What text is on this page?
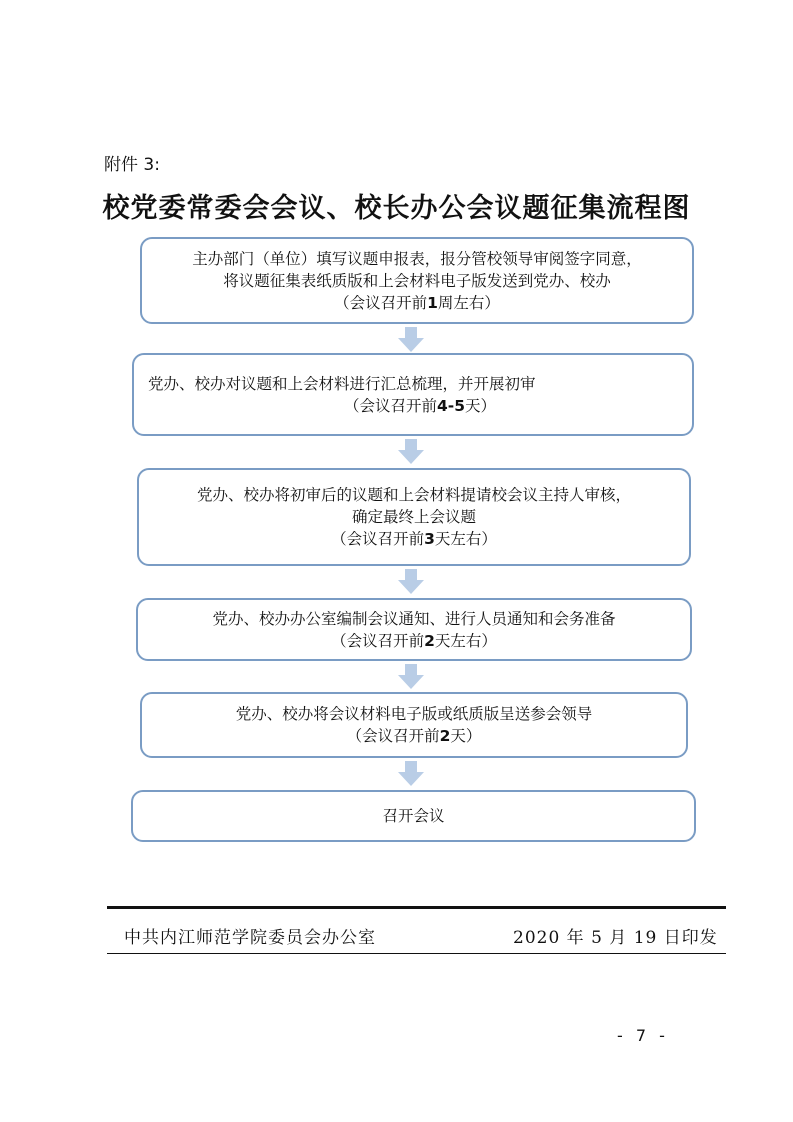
附件 3:
校党委常委会会议、校长办公会议题征集流程图
主办部门（单位）填写议题申报表，报分管校领导审阅签字同意，
将议题征集表纸质版和上会材料电子版发送到党办、校办
（会议召开前1周左右）
党办、校办对议题和上会材料进行汇总梳理，并开展初审
（会议召开前4-5天）
党办、校办将初审后的议题和上会材料提请校会议主持人审核，
确定最终上会议题
（会议召开前3天左右）
党办、校办办公室编制会议通知、进行人员通知和会务准备
（会议召开前2天左右）
党办、校办将会议材料电子版或纸质版呈送参会领导
（会议召开前2天）
召开会议
中共内江师范学院委员会办公室	2020 年 5 月 19 日印发
- 7 -
